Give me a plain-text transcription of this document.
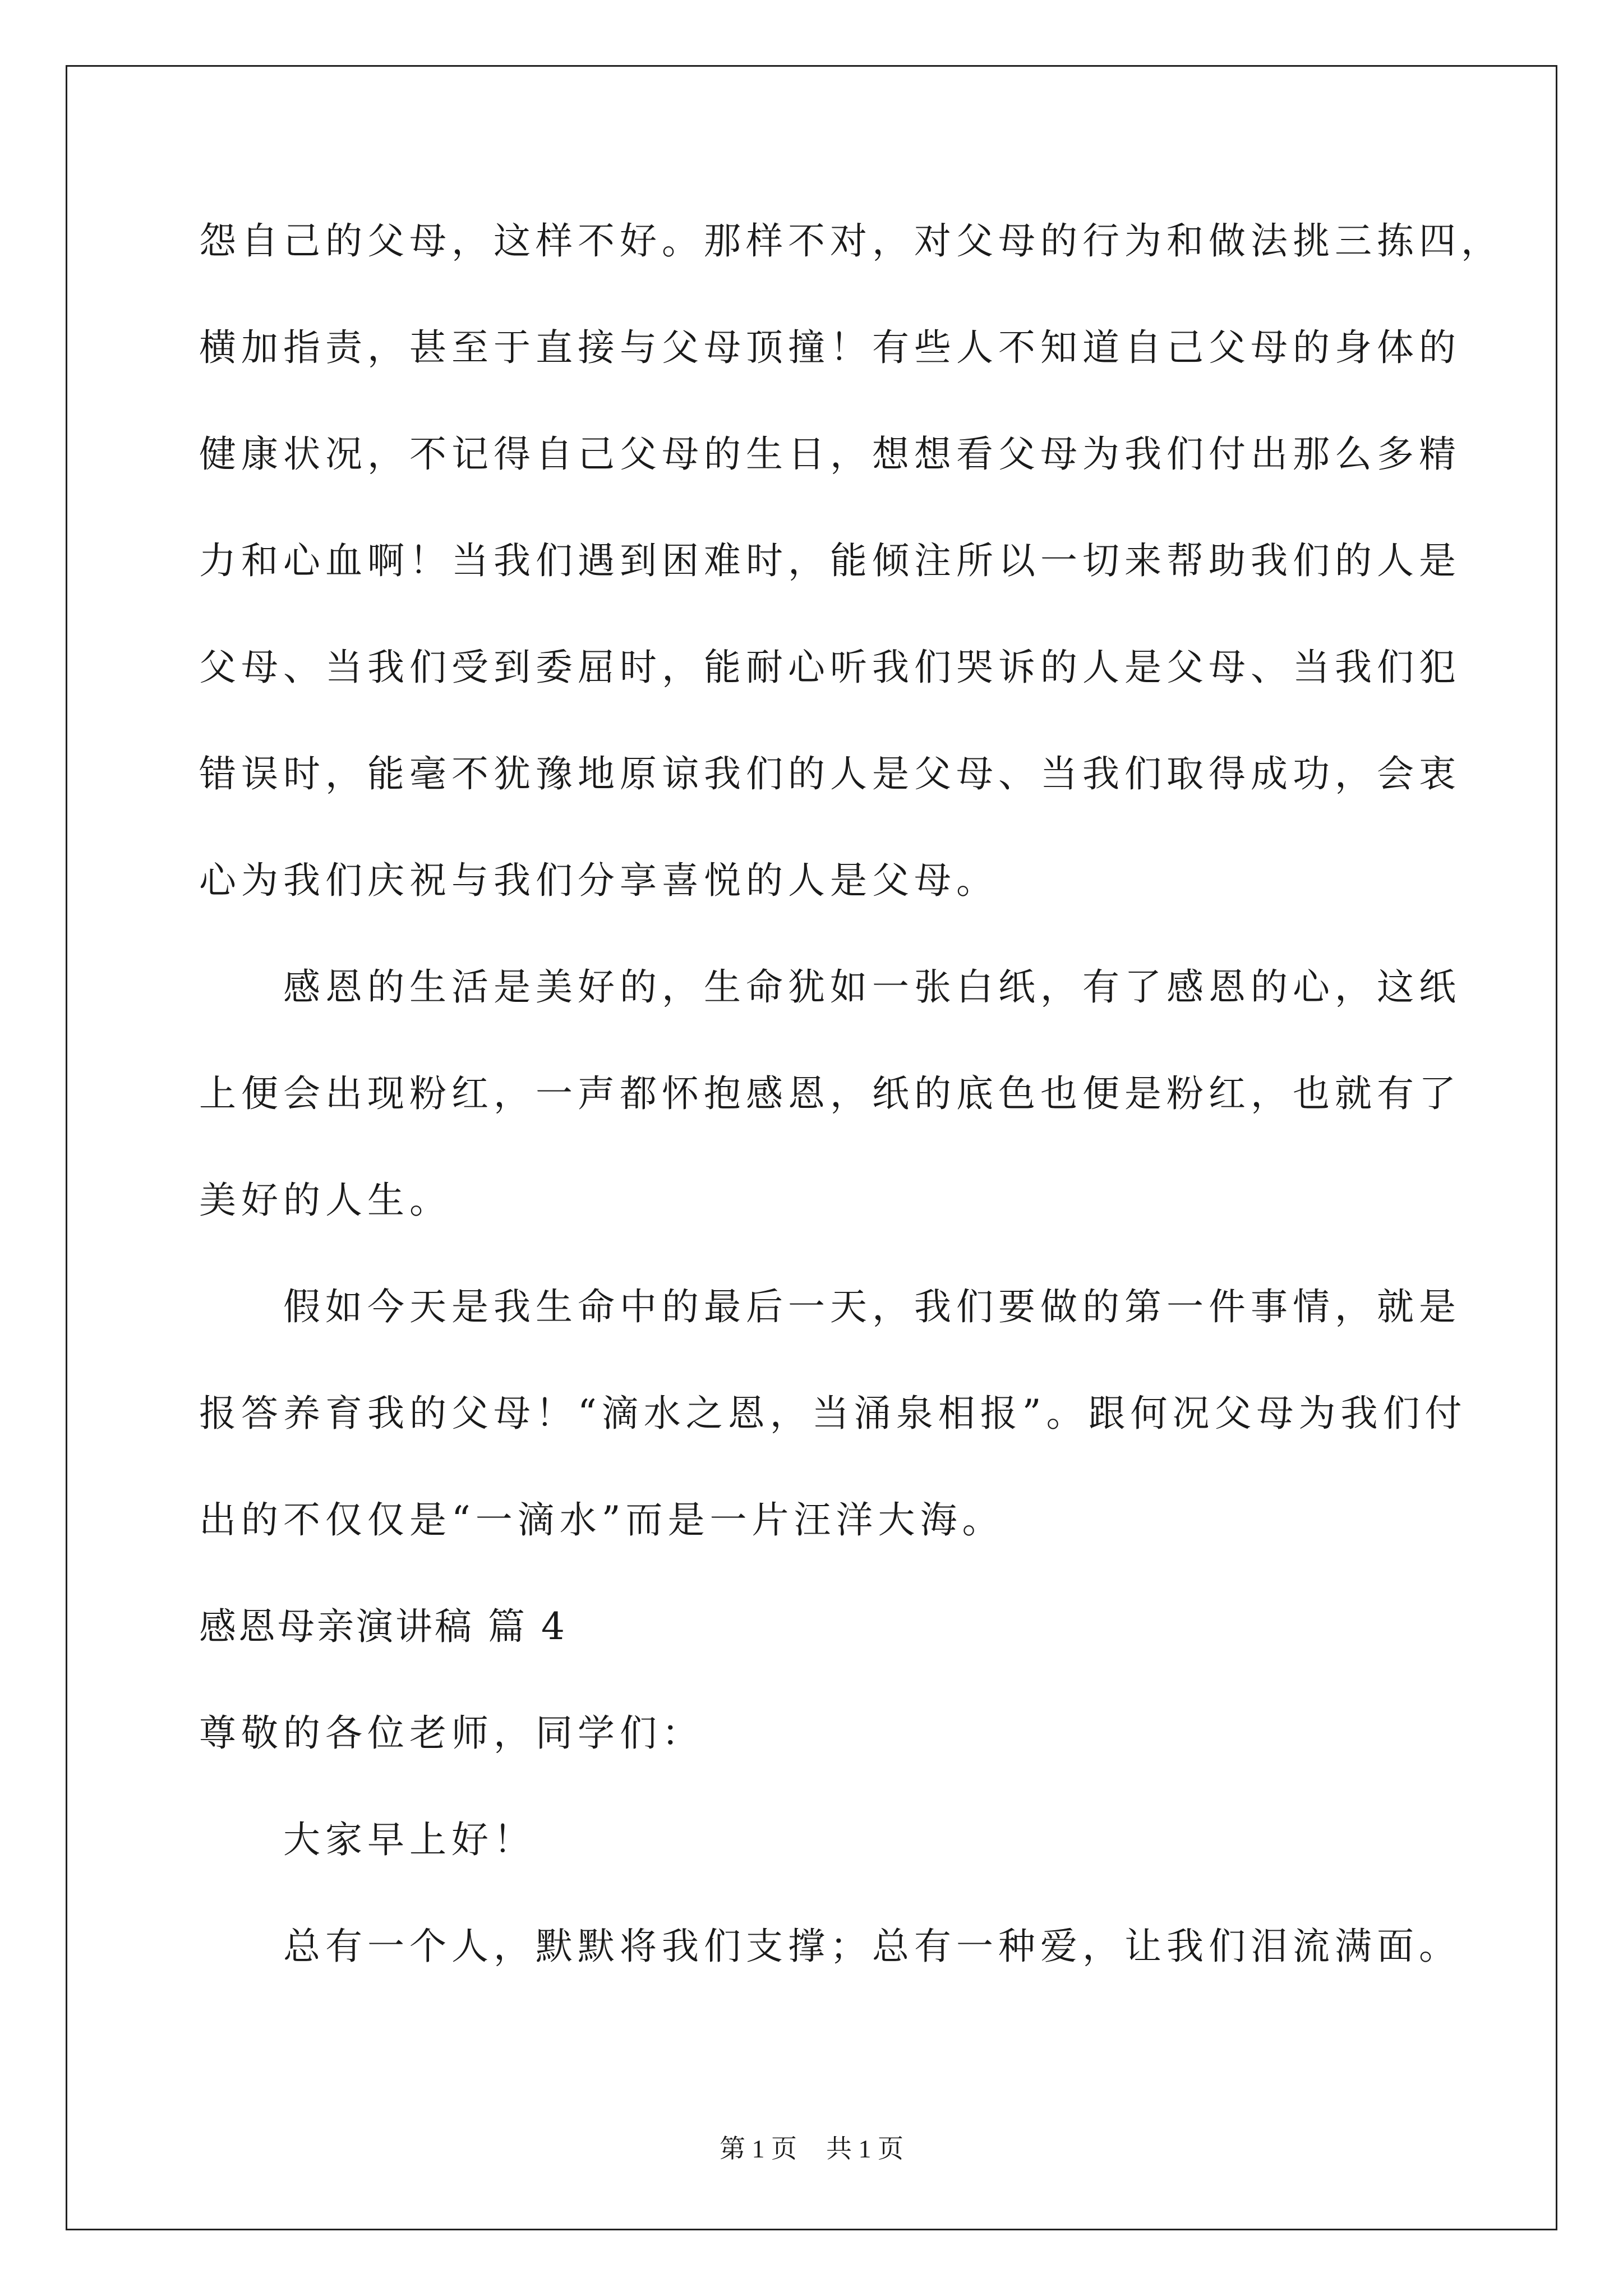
怨自己的父母，这样不好。那样不对，对父母的行为和做法挑三拣四，
横加指责，甚至于直接与父母顶撞！有些人不知道自己父母的身体的
健康状况，不记得自己父母的生日，想想看父母为我们付出那么多精
力和心血啊！当我们遇到困难时，能倾注所以一切来帮助我们的人是
父母、当我们受到委屈时，能耐心听我们哭诉的人是父母、当我们犯
错误时，能毫不犹豫地原谅我们的人是父母、当我们取得成功，会衷
心为我们庆祝与我们分享喜悦的人是父母。
感恩的生活是美好的，生命犹如一张白纸，有了感恩的心，这纸
上便会出现粉红，一声都怀抱感恩，纸的底色也便是粉红，也就有了
美好的人生。
假如今天是我生命中的最后一天，我们要做的第一件事情，就是
报答养育我的父母！“滴水之恩，当涌泉相报”。跟何况父母为我们付
出的不仅仅是“一滴水”而是一片汪洋大海。
感恩母亲演讲稿 篇 4
尊敬的各位老师，同学们：
大家早上好！
总有一个人，默默将我们支撑；总有一种爱，让我们泪流满面。
第 1 页 共 1 页
